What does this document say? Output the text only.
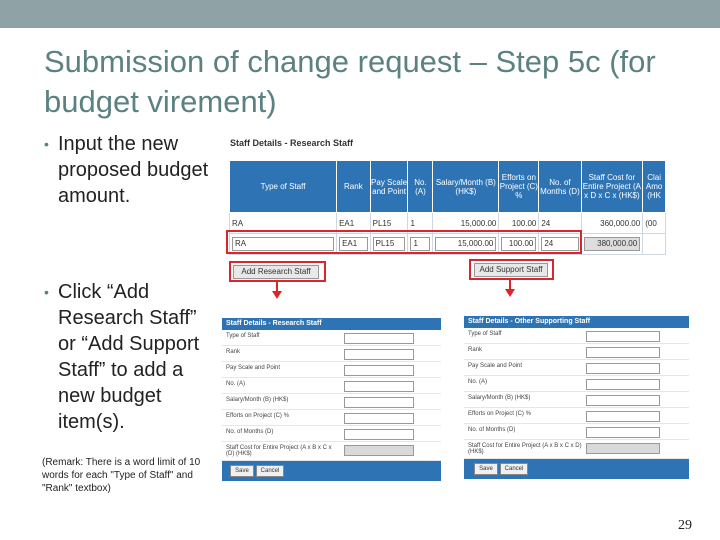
Submission of change request – Step 5c (for budget virement)
• Input the new proposed budget amount.
• Click “Add Research Staff” or “Add Support Staff” to add a new budget item(s).
(Remark: There is a word limit of 10 words for each "Type of Staff" and "Rank" textbox)
Staff Details - Research Staff
Type of Staff	Rank	Pay Scale and Point	No. (A)	Salary/Month (B) (HK$)	Efforts on Project (C) %	No. of Months (D)	Staff Cost for Entire Project (A x D x C x (HK$)	Clai Amo (HK
RA	EA1	PL15	1	15,000.00	100.00	24	360,000.00	(00

RA	EA1	PL15	1	15,000.00	100.00	24	380,000.00	

Add Research Staff	Add Support Staff
Staff Details - Research Staff
Type of Staff
Rank
Pay Scale and Point
No. (A)
Salary/Month (B) (HK$)
Efforts on Project (C) %
No. of Months (D)
Staff Cost for Entire Project (A x B x C x (D) (HK$)
Save	Cancel
Staff Details - Other Supporting Staff
Type of Staff
Rank
Pay Scale and Point
No. (A)
Salary/Month (B) (HK$)
Efforts on Project (C) %
No. of Months (D)
Staff Cost for Entire Project (A x B x C x D) (HK$)
Save	Cancel
29
